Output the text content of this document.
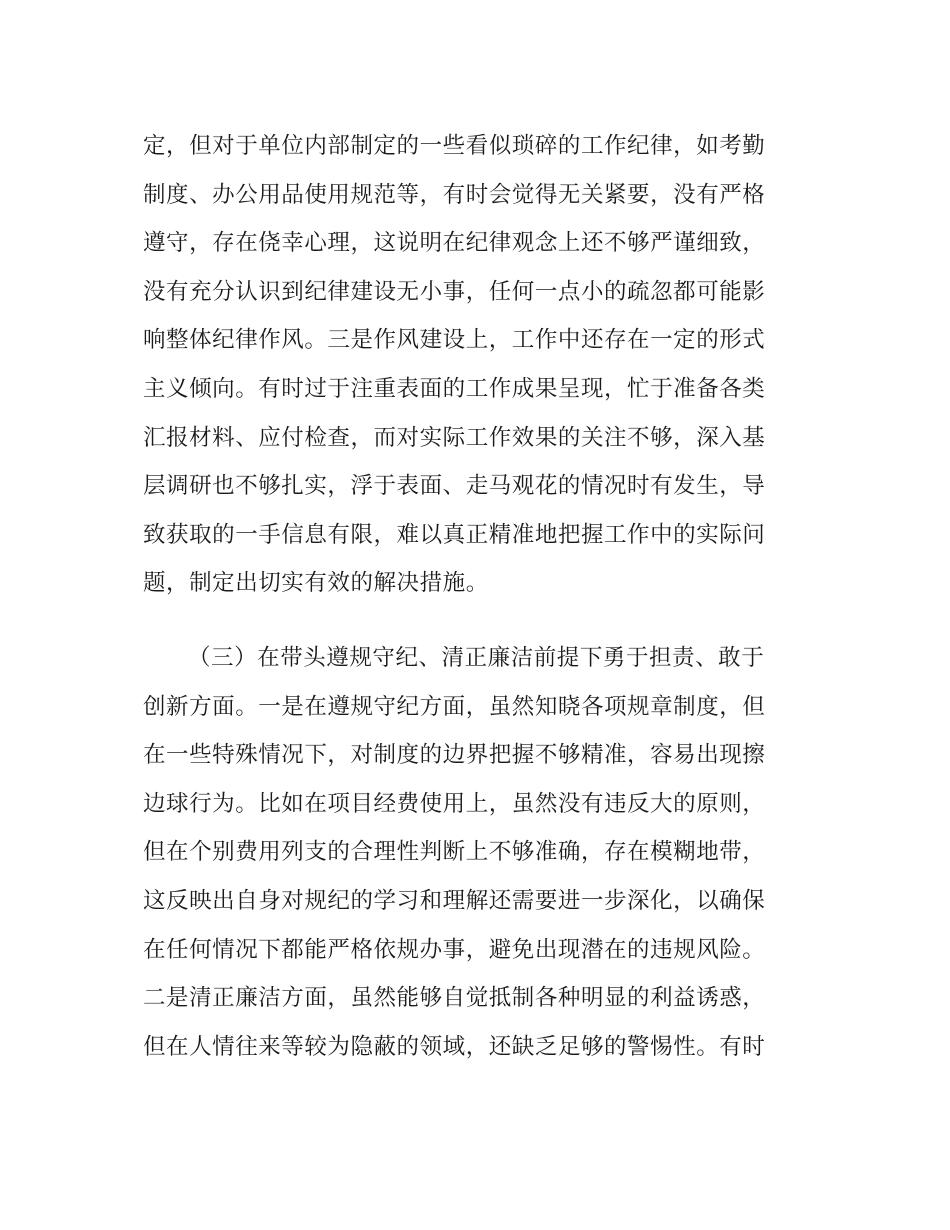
定，但对于单位内部制定的一些看似琐碎的工作纪律，如考勤
制度、办公用品使用规范等，有时会觉得无关紧要，没有严格
遵守，存在侥幸心理，这说明在纪律观念上还不够严谨细致，
没有充分认识到纪律建设无小事，任何一点小的疏忽都可能影
响整体纪律作风。三是作风建设上，工作中还存在一定的形式
主义倾向。有时过于注重表面的工作成果呈现，忙于准备各类
汇报材料、应付检查，而对实际工作效果的关注不够，深入基
层调研也不够扎实，浮于表面、走马观花的情况时有发生，导
致获取的一手信息有限，难以真正精准地把握工作中的实际问
题，制定出切实有效的解决措施。
（三）在带头遵规守纪、清正廉洁前提下勇于担责、敢于
创新方面。一是在遵规守纪方面，虽然知晓各项规章制度，但
在一些特殊情况下，对制度的边界把握不够精准，容易出现擦
边球行为。比如在项目经费使用上，虽然没有违反大的原则，
但在个别费用列支的合理性判断上不够准确，存在模糊地带，
这反映出自身对规纪的学习和理解还需要进一步深化，以确保
在任何情况下都能严格依规办事，避免出现潜在的违规风险。
二是清正廉洁方面，虽然能够自觉抵制各种明显的利益诱惑，
但在人情往来等较为隐蔽的领域，还缺乏足够的警惕性。有时
